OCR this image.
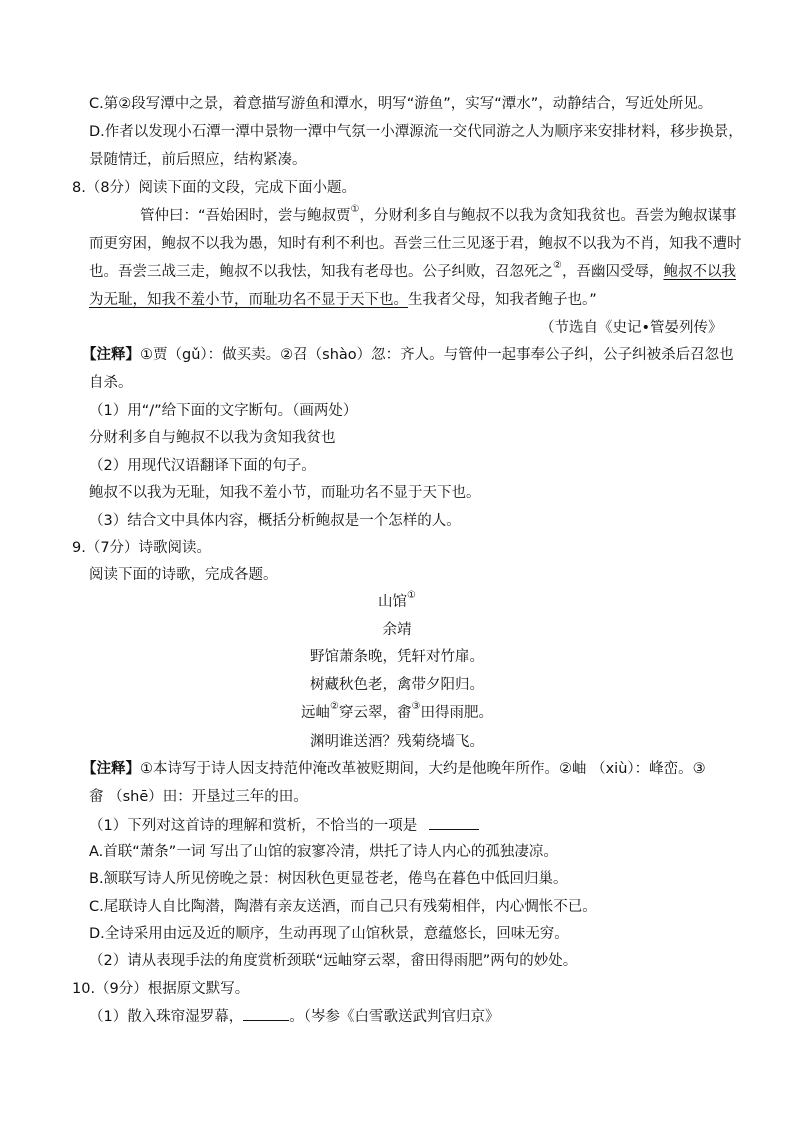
C.第②段写潭中之景，着意描写游鱼和潭水，明写“游鱼”，实写“潭水”，动静结合，写近处所见。
D.作者以发现小石潭一潭中景物一潭中气氛一小潭源流一交代同游之人为顺序来安排材料，移步换景，
景随情迁，前后照应，结构紧凑。
8.（8分）阅读下面的文段，完成下面小题。
管仲曰：“吾始困时，尝与鲍叔贾①，分财利多自与鲍叔不以我为贪知我贫也。吾尝为鲍叔谋事
而更穷困，鲍叔不以我为愚，知时有利不利也。吾尝三仕三见逐于君，鲍叔不以我为不肖，知我不遭时
也。吾尝三战三走，鲍叔不以我怯，知我有老母也。公子纠败，召忽死之②，吾幽囚受辱，鲍叔不以我
为无耻，知我不羞小节，而耻功名不显于天下也。生我者父母，知我者鲍子也。”
（节选自《史记•管晏列传》
【注释】①贾（gǔ）：做买卖。②召（shào）忽：齐人。与管仲一起事奉公子纠，公子纠被杀后召忽也
自杀。
（1）用“/”给下面的文字断句。（画两处）
分财利多自与鲍叔不以我为贪知我贫也
（2）用现代汉语翻译下面的句子。
鲍叔不以我为无耻，知我不羞小节，而耻功名不显于天下也。
（3）结合文中具体内容，概括分析鲍叔是一个怎样的人。
9.（7分）诗歌阅读。
阅读下面的诗歌，完成各题。
山馆①
余靖
野馆萧条晚，凭轩对竹扉。
树藏秋色老，禽带夕阳归。
远岫②穿云翠，畬③田得雨肥。
渊明谁送酒？残菊绕墙飞。
【注释】①本诗写于诗人因支持范仲淹改革被贬期间，大约是他晚年所作。②岫 （xiù）：峰峦。③
畲 （shē）田：开垦过三年的田。
（1）下列对这首诗的理解和赏析，不恰当的一项是
A.首联“萧条”一词 写出了山馆的寂寥冷清，烘托了诗人内心的孤独凄凉。
B.颔联写诗人所见傍晚之景：树因秋色更显苍老，倦鸟在暮色中低回归巢。
C.尾联诗人自比陶潜，陶潜有亲友送酒，而自己只有残菊相伴，内心惆怅不已。
D.全诗采用由远及近的顺序，生动再现了山馆秋景，意蕴悠长，回味无穷。
（2）请从表现手法的角度赏析颈联“远岫穿云翠，畲田得雨肥”两句的妙处。
10.（9分）根据原文默写。
（1）散入珠帘湿罗幕，	。（岑参《白雪歌送武判官归京》
